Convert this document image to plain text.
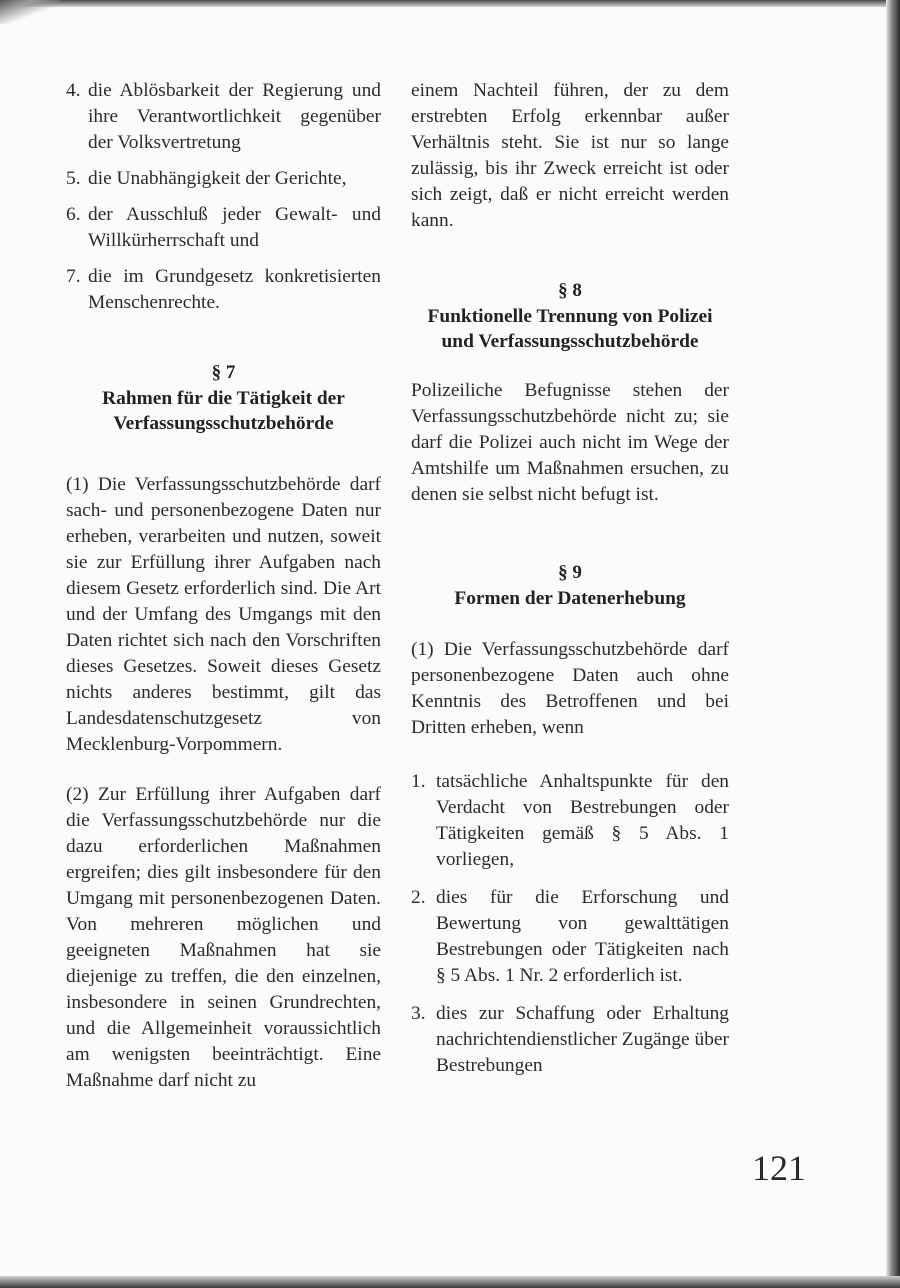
4. die Ablösbarkeit der Regierung und ihre Verantwortlichkeit gegenüber der Volksvertretung
5. die Unabhängigkeit der Gerichte,
6. der Ausschluß jeder Gewalt- und Willkürherrschaft und
7. die im Grundgesetz konkretisierten Menschenrechte.

§ 7

Rahmen für die Tätigkeit der Verfassungsschutzbehörde

(1) Die Verfassungsschutzbehörde darf sach- und personenbezogene Daten nur erheben, verarbeiten und nutzen, soweit sie zur Erfüllung ihrer Aufgaben nach diesem Gesetz erforderlich sind. Die Art und der Umfang des Umgangs mit den Daten richtet sich nach den Vorschriften dieses Gesetzes. Soweit dieses Gesetz nichts anderes bestimmt, gilt das Landesdatenschutzgesetz von Mecklenburg-Vorpommern.

(2) Zur Erfüllung ihrer Aufgaben darf die Verfassungsschutzbehörde nur die dazu erforderlichen Maßnahmen ergreifen; dies gilt insbesondere für den Umgang mit personenbezogenen Daten. Von mehreren möglichen und geeigneten Maßnahmen hat sie diejenige zu treffen, die den einzelnen, insbesondere in seinen Grundrechten, und die Allgemeinheit voraussichtlich am wenigsten beeinträchtigt. Eine Maßnahme darf nicht zu

einem Nachteil führen, der zu dem erstrebten Erfolg erkennbar außer Verhältnis steht. Sie ist nur so lange zulässig, bis ihr Zweck erreicht ist oder sich zeigt, daß er nicht erreicht werden kann.

§ 8

Funktionelle Trennung von Polizei und Verfassungsschutzbehörde

Polizeiliche Befugnisse stehen der Verfassungsschutzbehörde nicht zu; sie darf die Polizei auch nicht im Wege der Amtshilfe um Maßnahmen ersuchen, zu denen sie selbst nicht befugt ist.

§ 9

Formen der Datenerhebung

(1) Die Verfassungsschutzbehörde darf personenbezogene Daten auch ohne Kenntnis des Betroffenen und bei Dritten erheben, wenn

1. tatsächliche Anhaltspunkte für den Verdacht von Bestrebungen oder Tätigkeiten gemäß § 5 Abs. 1 vorliegen,
2. dies für die Erforschung und Bewertung von gewalttätigen Bestrebungen oder Tätigkeiten nach § 5 Abs. 1 Nr. 2 erforderlich ist.
3. dies zur Schaffung oder Erhaltung nachrichtendienstlicher Zugänge über Bestrebungen
121
